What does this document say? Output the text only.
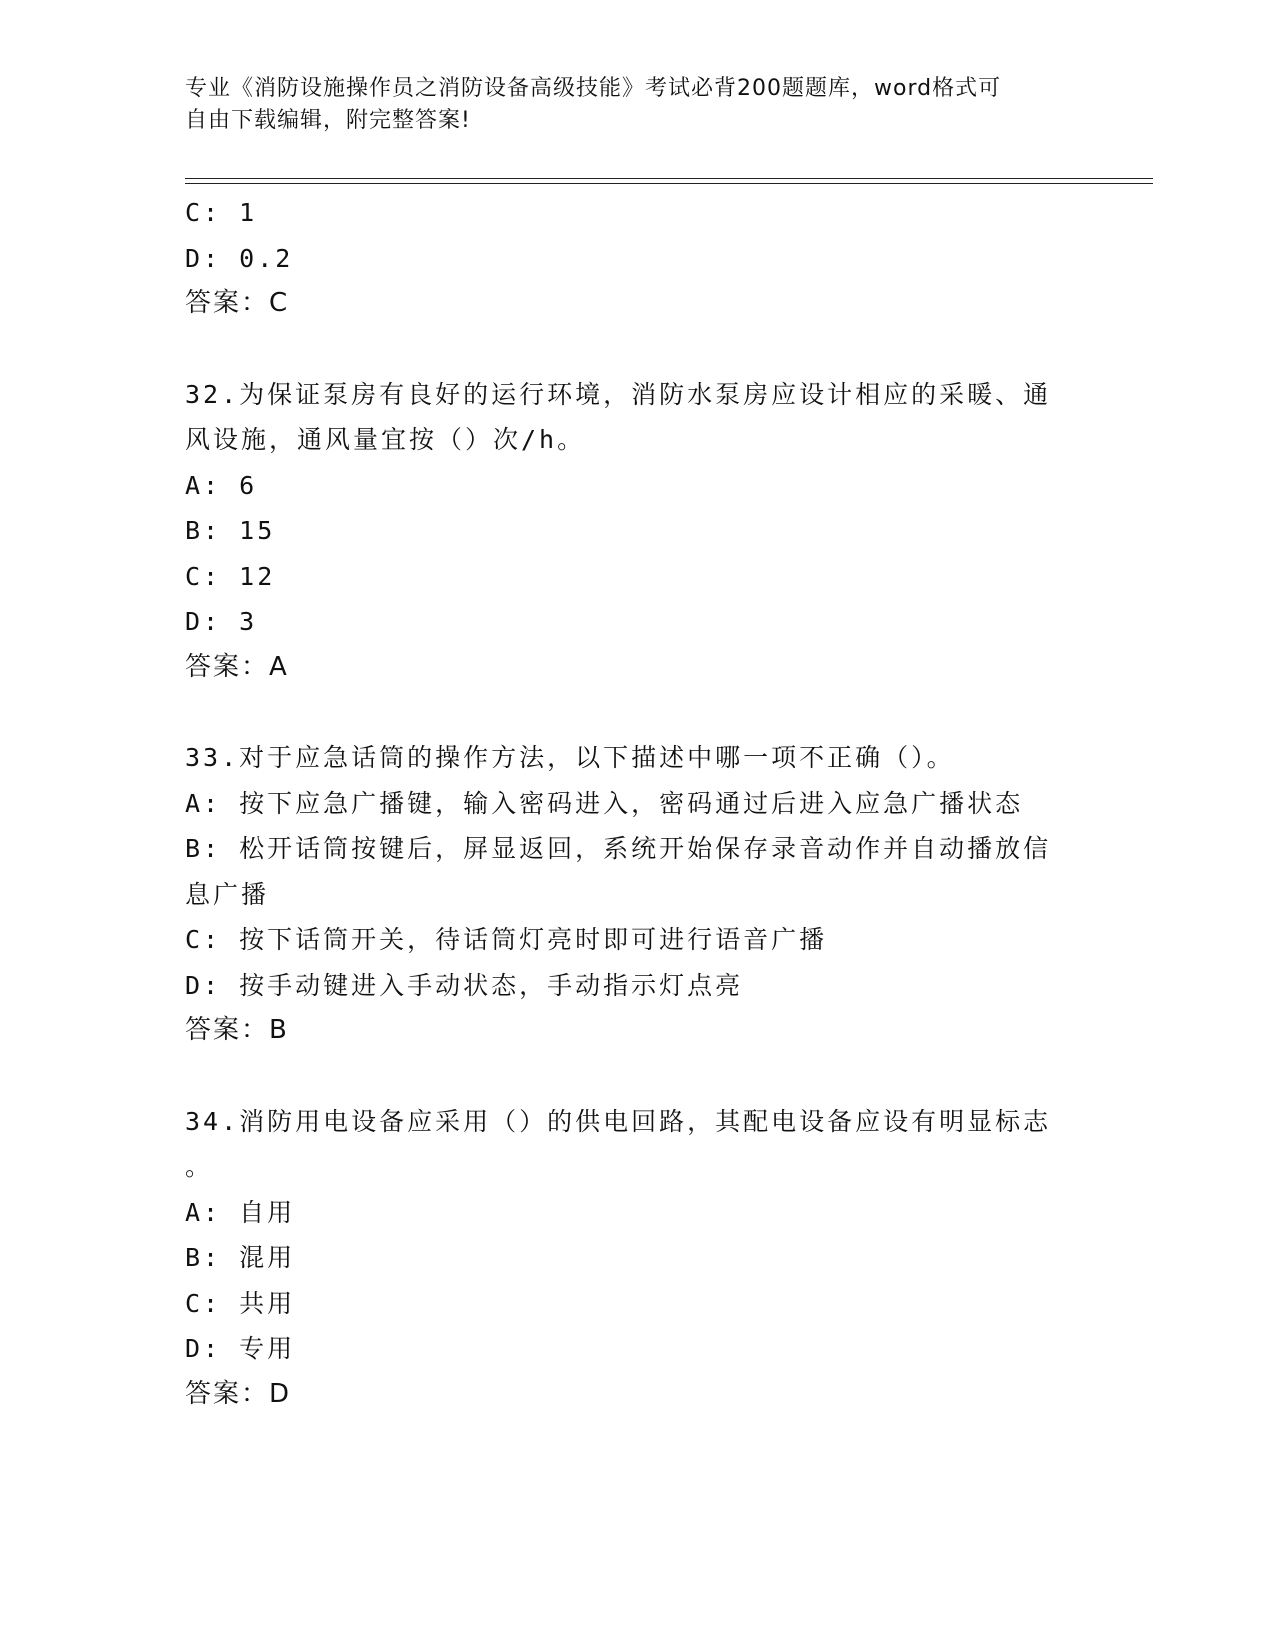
专业《消防设施操作员之消防设备高级技能》考试必背200题题库，word格式可
自由下载编辑，附完整答案!
C: 1
D: 0.2
答案：C
32.为保证泵房有良好的运行环境，消防水泵房应设计相应的采暖、通
风设施，通风量宜按（）次/h。
A: 6
B: 15
C: 12
D: 3
答案：A
33.对于应急话筒的操作方法，以下描述中哪一项不正确（）。
A: 按下应急广播键，输入密码进入，密码通过后进入应急广播状态
B: 松开话筒按键后，屏显返回，系统开始保存录音动作并自动播放信
息广播
C: 按下话筒开关，待话筒灯亮时即可进行语音广播
D: 按手动键进入手动状态，手动指示灯点亮
答案：B
34.消防用电设备应采用（）的供电回路，其配电设备应设有明显标志
。
A: 自用
B: 混用
C: 共用
D: 专用
答案：D
